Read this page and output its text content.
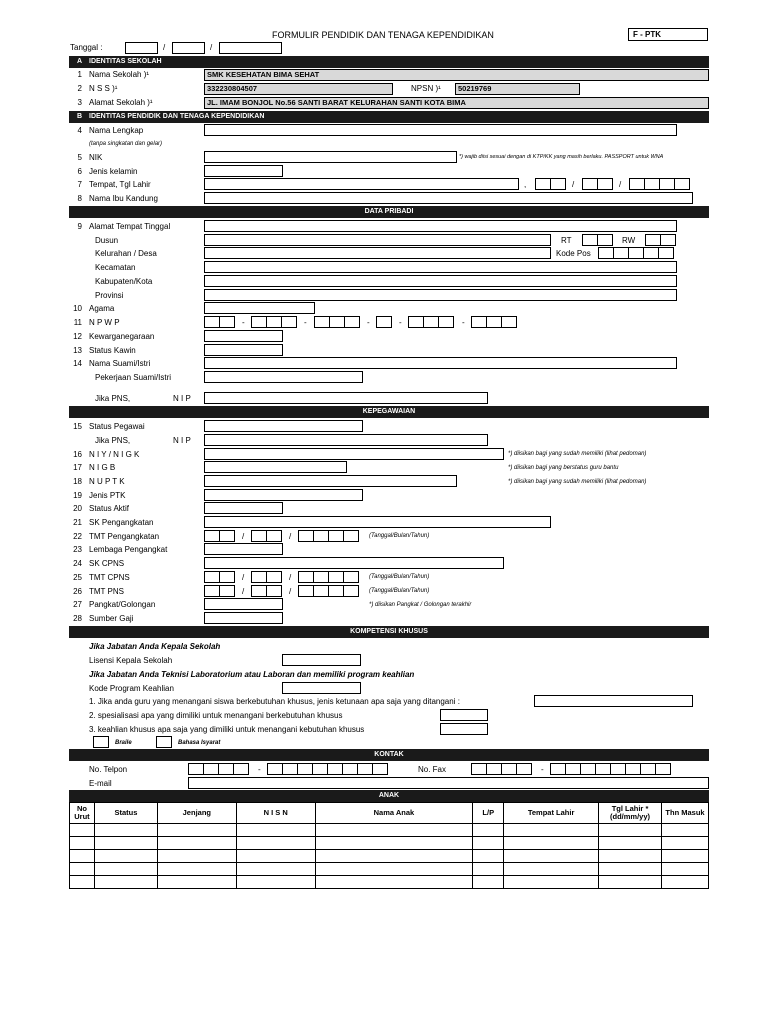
FORMULIR PENDIDIK DAN TENAGA KEPENDIDIKAN	F - PTK
Tanggal :	/	/
A IDENTITAS SEKOLAH
1 Nama Sekolah )¹	SMK KESEHATAN BIMA SEHAT
2 N S S )¹	332230804507	NPSN )¹	50219769
3 Alamat Sekolah )¹	JL. IMAM BONJOL No.56 SANTI BARAT KELURAHAN SANTI KOTA BIMA
B IDENTITAS PENDIDIK DAN TENAGA KEPENDIDIKAN
4 Nama Lengkap
(tanpa singkatan dan gelar)
5 NIK	*) wajib diisi sesuai dengan di KTP/KK yang masih berlaku. PASSPORT untuk WNA
6 Jenis kelamin
7 Tempat, Tgl Lahir	,	/	/
8 Nama Ibu Kandung
DATA PRIBADI
9 Alamat Tempat Tinggal
Dusun	RT	RW
Kelurahan / Desa	Kode Pos
Kecamatan
Kabupaten/Kota
Provinsi
10 Agama
11 N P W P	-	-	-	-	-
12 Kewarganegaraan
13 Status Kawin
14 Nama Suami/Istri
Pekerjaan Suami/Istri
Jika PNS,	N I P
KEPEGAWAIAN
15 Status Pegawai
Jika PNS,	N I P
16 N I Y / N I G K	*) diisikan bagi yang sudah memiliki (lihat pedoman)
17 N I G B	*) diisikan bagi yang berstatus guru bantu
18 N U P T K	*) diisikan bagi yang sudah memiliki (lihat pedoman)
19 Jenis PTK
20 Status Aktif
21 SK Pengangkatan
22 TMT Pengangkatan	/	/	(Tanggal/Bulan/Tahun)
23 Lembaga Pengangkat
24 SK CPNS
25 TMT CPNS	/	/	(Tanggal/Bulan/Tahun)
26 TMT PNS	/	/	(Tanggal/Bulan/Tahun)
27 Pangkat/Golongan	*) diisikan Pangkat / Golongan terakhir
28 Sumber Gaji
KOMPETENSI KHUSUS
Jika Jabatan Anda Kepala Sekolah
Lisensi Kepala Sekolah
Jika Jabatan Anda Teknisi Laboratorium atau Laboran dan memiliki program keahlian
Kode Program Keahlian
1. Jika anda guru yang menangani siswa berkebutuhan khusus, jenis ketunaan apa saja yang ditangani :
2. spesialisasi apa yang dimiliki untuk menangani berkebutuhan khusus
3. keahlian khusus apa saja yang dimiliki untuk menangani kebutuhan khusus
Braile	Bahasa Isyarat
KONTAK
No. Telpon	-	No. Fax	-
E-mail
ANAK
No Urut	Status	Jenjang	N I S N	Nama Anak	L/P	Tempat Lahir	Tgl Lahir *(dd/mm/yy)	Thn Masuk
